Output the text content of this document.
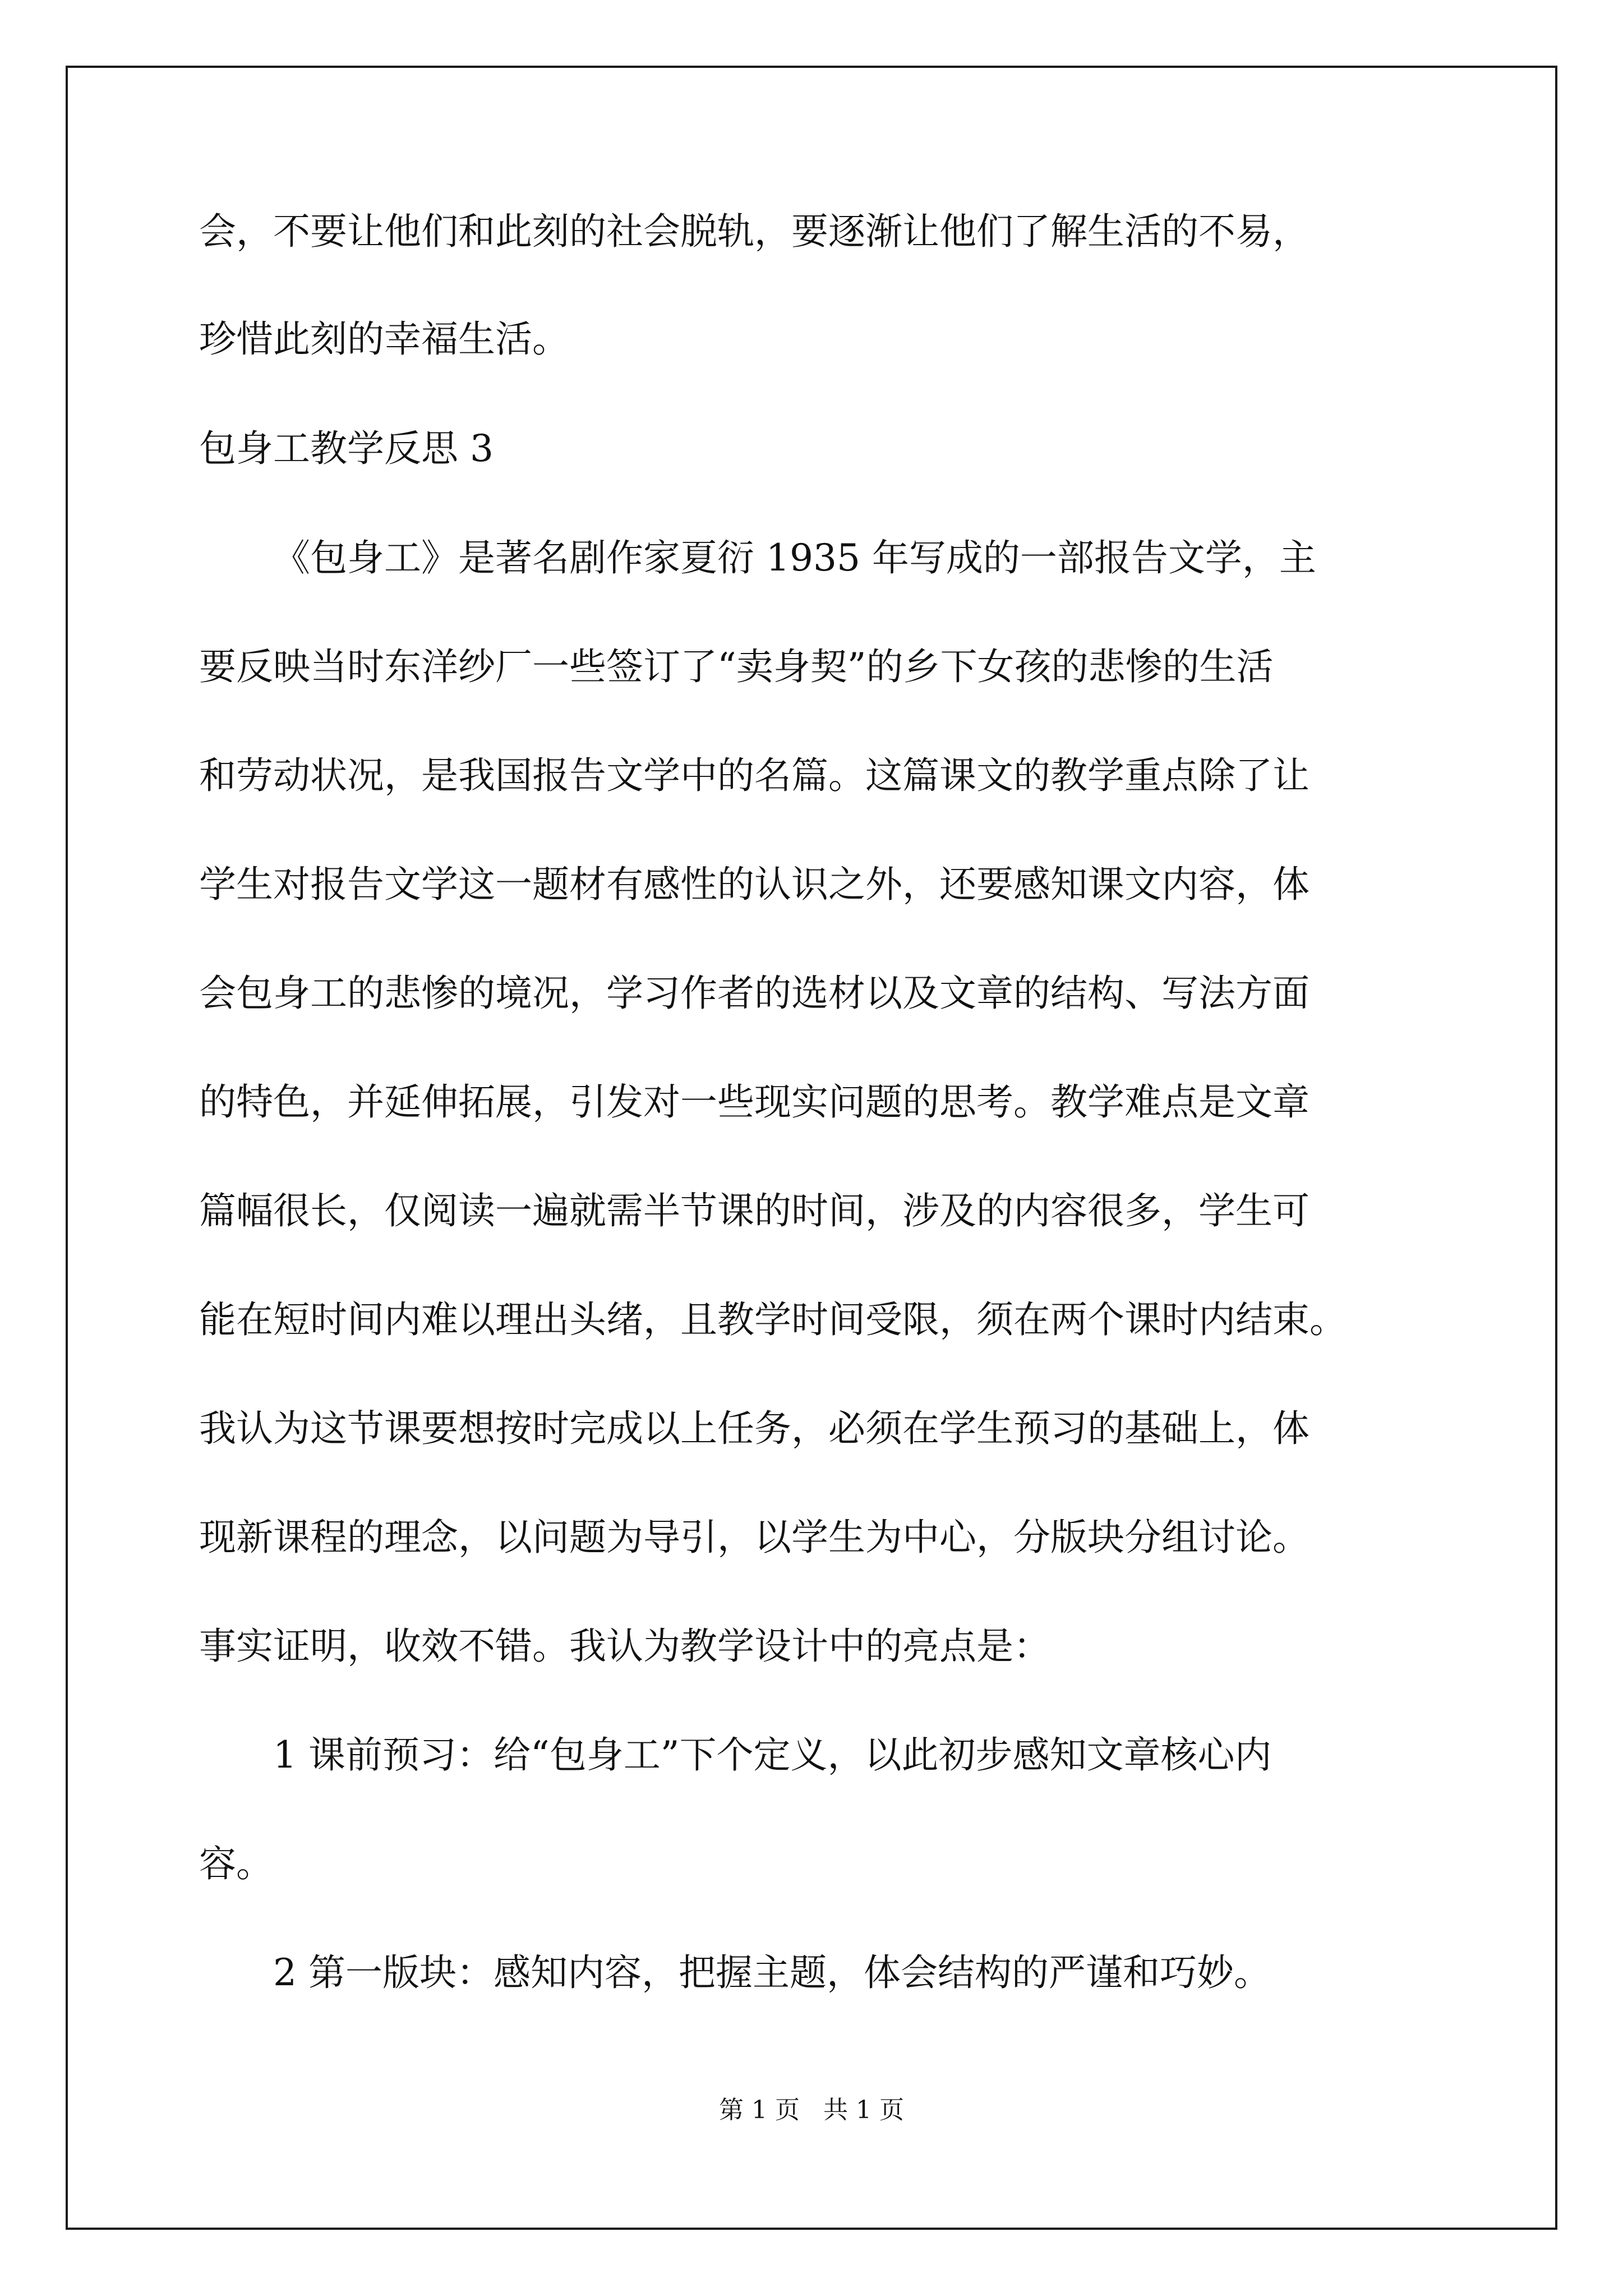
会，不要让他们和此刻的社会脱轨，要逐渐让他们了解生活的不易，
珍惜此刻的幸福生活。
包身工教学反思 3
《包身工》是著名剧作家夏衍 1935 年写成的一部报告文学，主
要反映当时东洋纱厂一些签订了“卖身契”的乡下女孩的悲惨的生活
和劳动状况，是我国报告文学中的名篇。这篇课文的教学重点除了让
学生对报告文学这一题材有感性的认识之外，还要感知课文内容，体
会包身工的悲惨的境况，学习作者的选材以及文章的结构、写法方面
的特色，并延伸拓展，引发对一些现实问题的思考。教学难点是文章
篇幅很长，仅阅读一遍就需半节课的时间，涉及的内容很多，学生可
能在短时间内难以理出头绪，且教学时间受限，须在两个课时内结束。
我认为这节课要想按时完成以上任务，必须在学生预习的基础上，体
现新课程的理念，以问题为导引，以学生为中心，分版块分组讨论。
事实证明，收效不错。我认为教学设计中的亮点是：
1 课前预习：给“包身工”下个定义，以此初步感知文章核心内
容。
2 第一版块：感知内容，把握主题，体会结构的严谨和巧妙。
第 1 页 共 1 页
